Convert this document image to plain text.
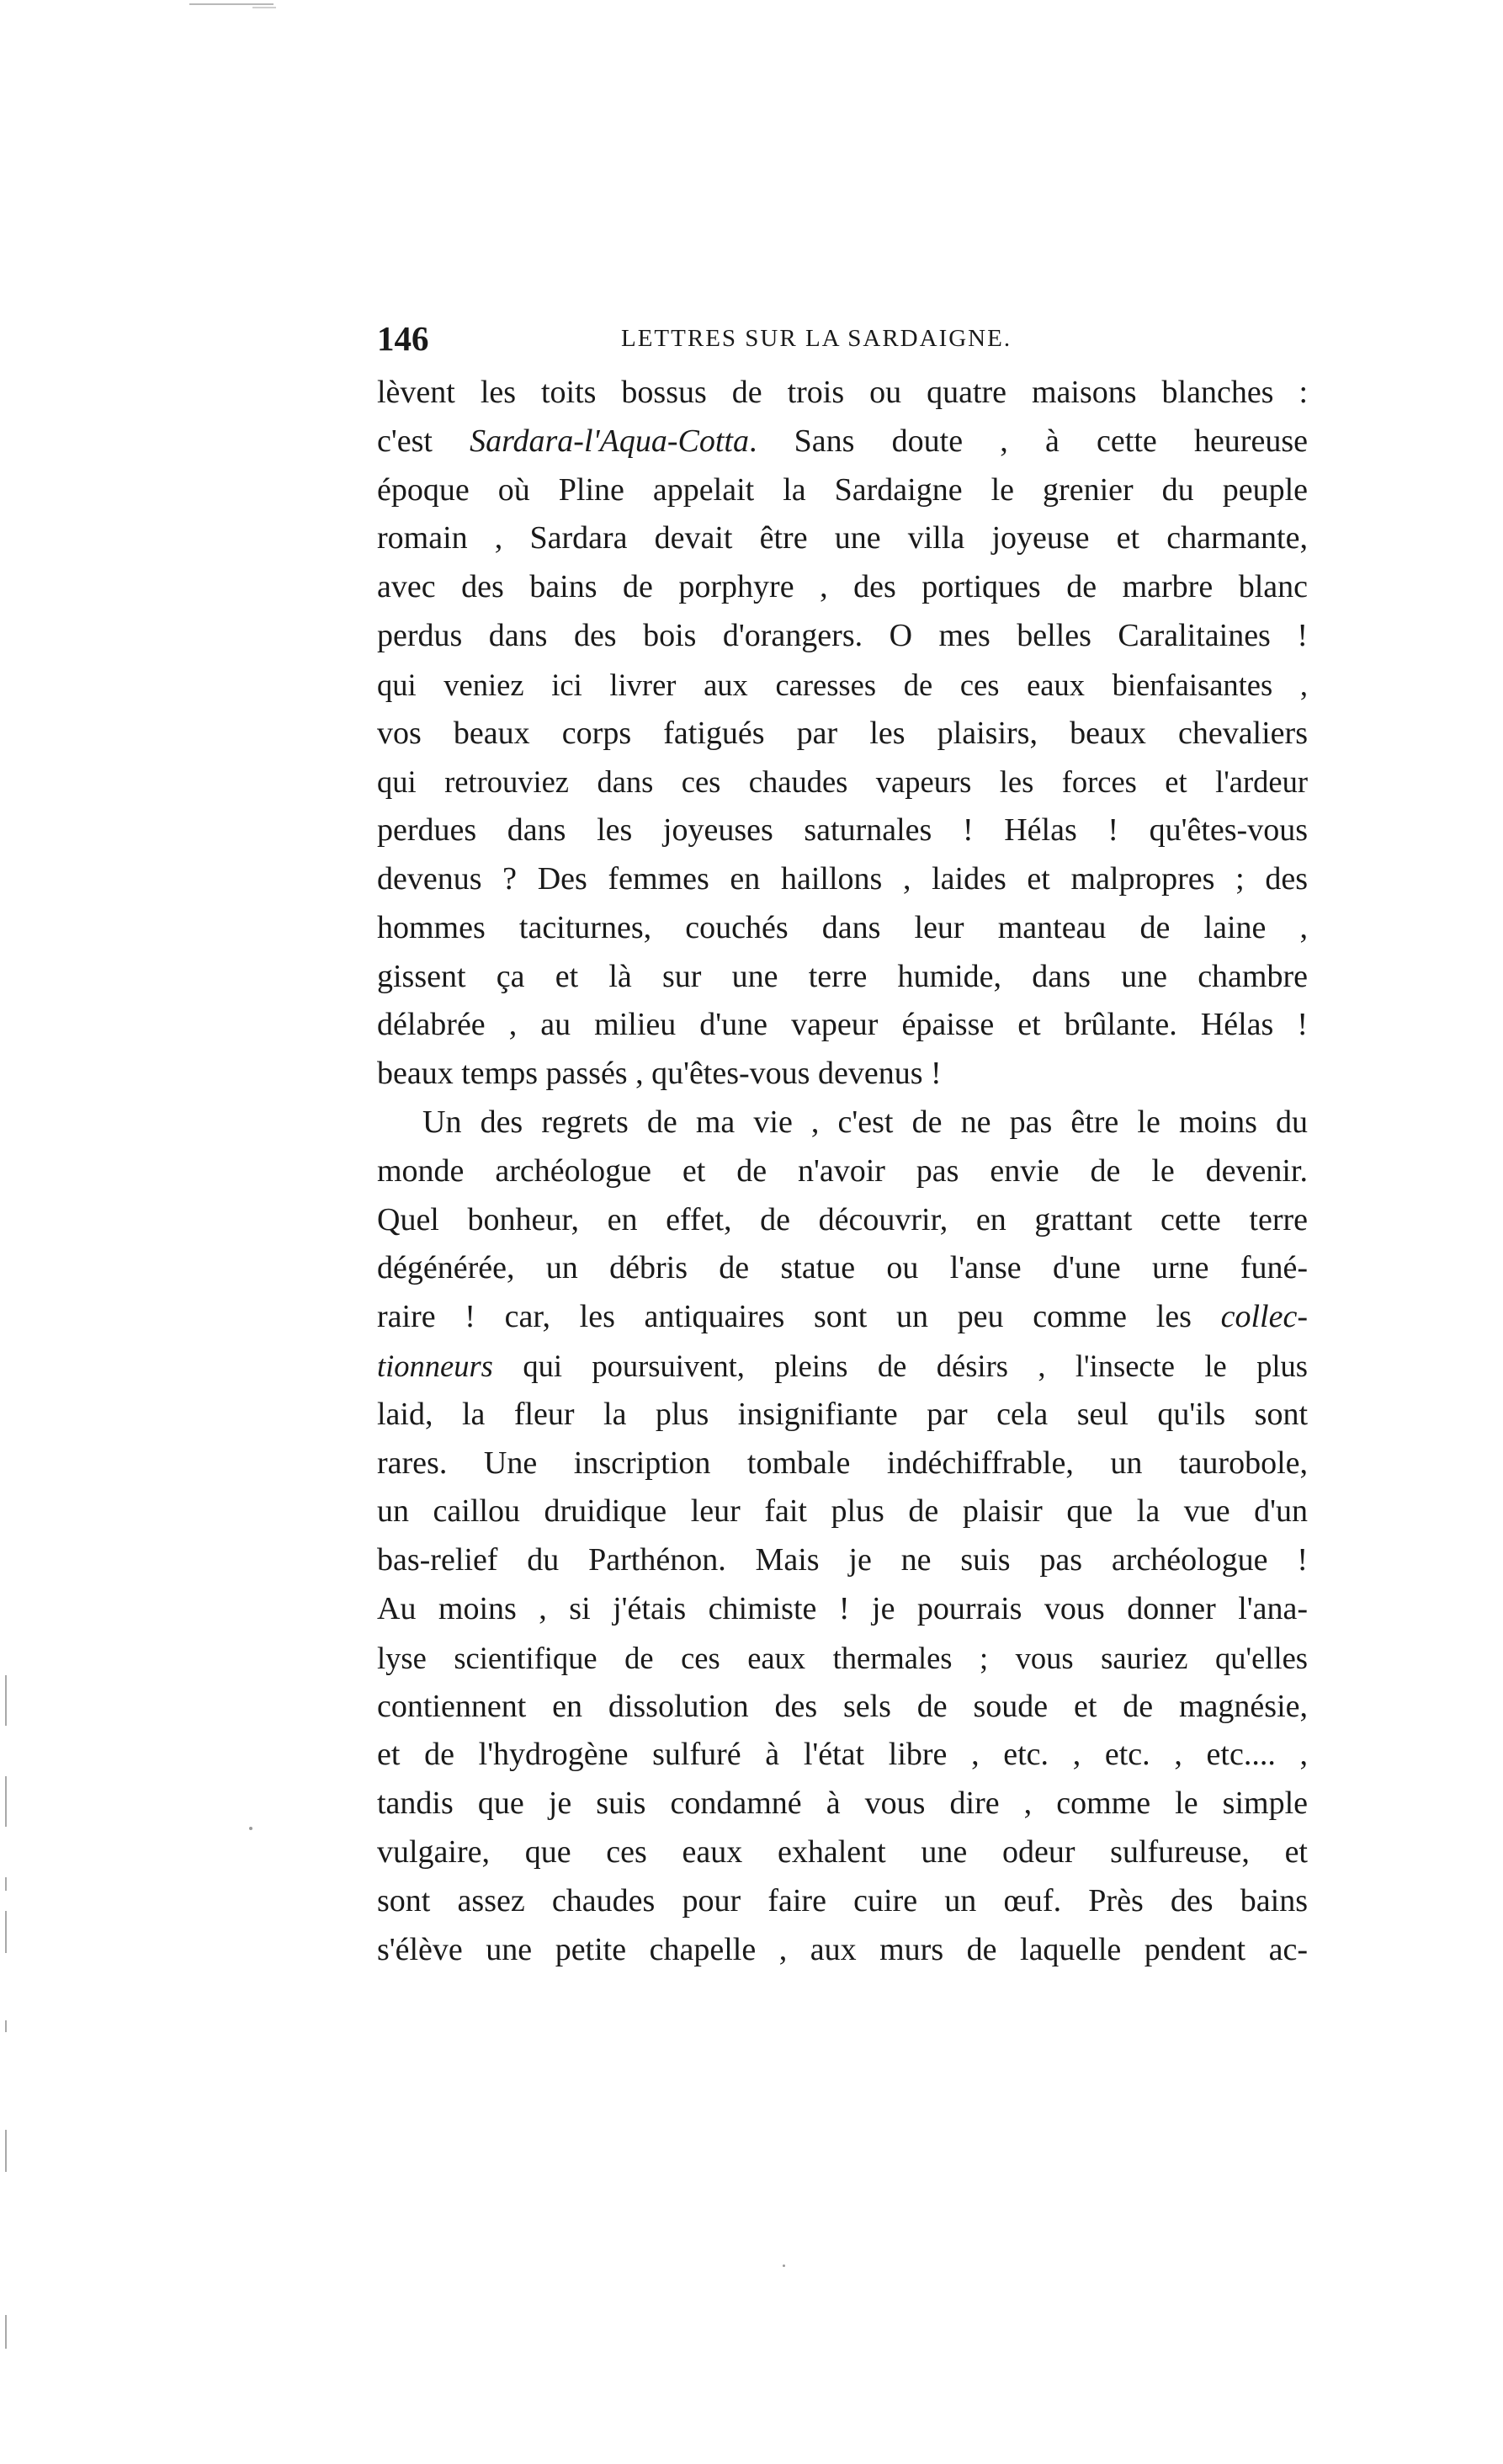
146	LETTRES SUR LA SARDAIGNE.
lèvent les toits bossus de trois ou quatre maisons blanches :
c'est Sardara-l'Aqua-Cotta. Sans doute , à cette heureuse
époque où Pline appelait la Sardaigne le grenier du peuple
romain , Sardara devait être une villa joyeuse et charmante,
avec des bains de porphyre , des portiques de marbre blanc
perdus dans des bois d'orangers. O mes belles Caralitaines !
qui veniez ici livrer aux caresses de ces eaux bienfaisantes ,
vos beaux corps fatigués par les plaisirs, beaux chevaliers
qui retrouviez dans ces chaudes vapeurs les forces et l'ardeur
perdues dans les joyeuses saturnales ! Hélas ! qu'êtes-vous
devenus ? Des femmes en haillons , laides et malpropres ; des
hommes taciturnes, couchés dans leur manteau de laine ,
gissent ça et là sur une terre humide, dans une chambre
délabrée , au milieu d'une vapeur épaisse et brûlante. Hélas !
beaux temps passés , qu'êtes-vous devenus !
Un des regrets de ma vie , c'est de ne pas être le moins du
monde archéologue et de n'avoir pas envie de le devenir.
Quel bonheur, en effet, de découvrir, en grattant cette terre
dégénérée, un débris de statue ou l'anse d'une urne funé-
raire ! car, les antiquaires sont un peu comme les collec-
tionneurs qui poursuivent, pleins de désirs , l'insecte le plus
laid, la fleur la plus insignifiante par cela seul qu'ils sont
rares. Une inscription tombale indéchiffrable, un taurobole,
un caillou druidique leur fait plus de plaisir que la vue d'un
bas-relief du Parthénon. Mais je ne suis pas archéologue !
Au moins , si j'étais chimiste ! je pourrais vous donner l'ana-
lyse scientifique de ces eaux thermales ; vous sauriez qu'elles
contiennent en dissolution des sels de soude et de magnésie,
et de l'hydrogène sulfuré à l'état libre , etc. , etc. , etc.... ,
tandis que je suis condamné à vous dire , comme le simple
vulgaire, que ces eaux exhalent une odeur sulfureuse, et
sont assez chaudes pour faire cuire un œuf. Près des bains
s'élève une petite chapelle , aux murs de laquelle pendent ac-
